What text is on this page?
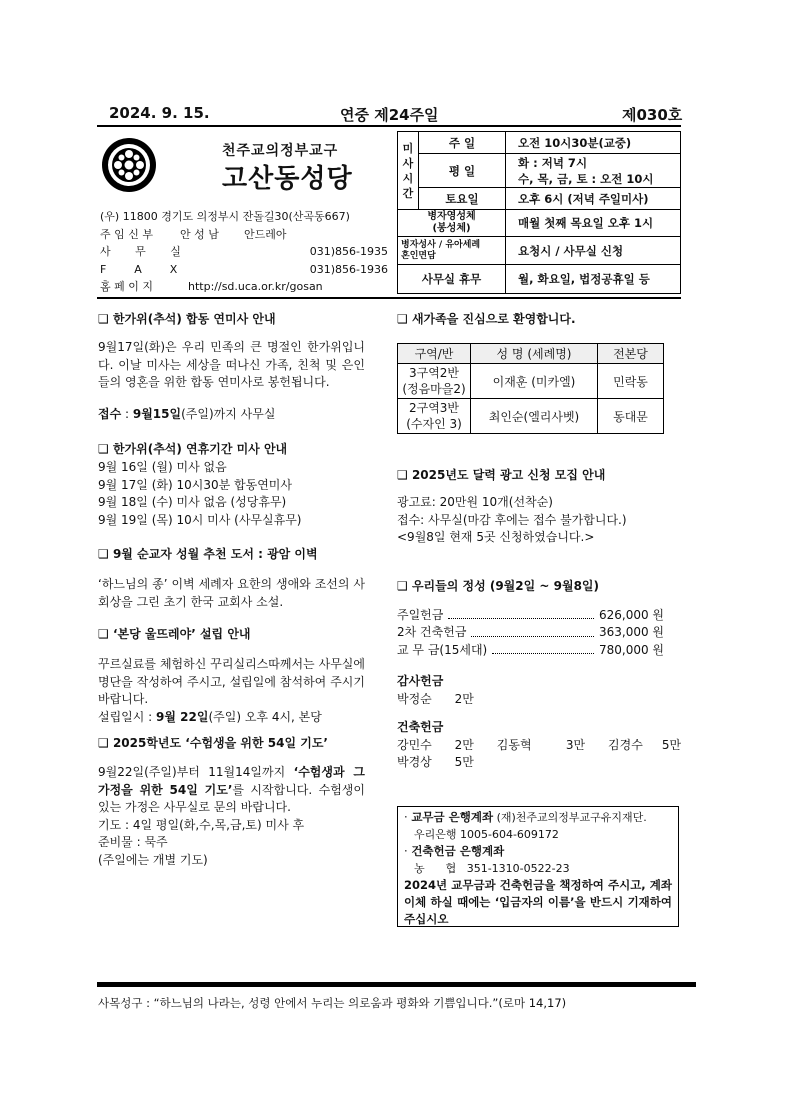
2024. 9. 15.	연중 제24주일	제030호
천주교의정부교구
고산동성당
(우) 11800 경기도 의정부시 잔돌길30(산곡동667)
주 임 신 부	안 성 남	안드레아
사       무       실	031)856-1935
F        A        X	031)856-1936
홈 페 이 지	http://sd.uca.or.kr/gosan
미
사
시
간	주 일	오전 10시30분(교중)
	평 일	화 : 저녁 7시
수, 목, 금, 토 : 오전 10시

	토요일	오후 6시 (저녁 주일미사)

병자영성체
(봉성체)		매월 첫째 목요일 오후 1시

병자성사 / 유아세례
혼인면담		요청시 / 사무실 신청
사무실 휴무		월, 화요일, 법정공휴일 등
❑ 한가위(추석) 합동 연미사 안내
9월17일(화)은 우리 민족의 큰 명절인 한가위입니다. 이날 미사는 세상을 떠나신 가족, 친척 및 은인들의 영혼을 위한 합동 연미사로 봉헌됩니다.
접수 : 9월15일(주일)까지 사무실
❑ 한가위(추석) 연휴기간 미사 안내
9월 16일 (월) 미사 없음
9월 17일 (화) 10시30분 합동연미사
9월 18일 (수) 미사 없음 (성당휴무)
9월 19일 (목) 10시 미사 (사무실휴무)
❑ 9월 순교자 성월 추천 도서 : 광암 이벽
‘하느님의 종’ 이벽 세례자 요한의 생애와 조선의 사회상을 그린 초기 한국 교회사 소설.
❑ ‘본당 울뜨레야’ 설립 안내
꾸르실료를 체험하신 꾸리실리스따께서는 사무실에 명단을 작성하여 주시고, 설립일에 참석하여 주시기 바랍니다.
설립일시 : 9월 22일(주일) 오후 4시, 본당
❑ 2025학년도 ‘수험생을 위한 54일 기도’
9월22일(주일)부터 11월14일까지 ‘수험생과 그 가정을 위한 54일 기도’를 시작합니다. 수험생이 있는 가정은 사무실로 문의 바랍니다.
기도 : 4일 평일(화,수,목,금,토) 미사 후
준비물 : 묵주
(주일에는 개별 기도)
❑ 새가족을 진심으로 환영합니다.
구역/반	성 명 (세례명)	전본당

3구역2반
(정음마을2)	이재훈 (미카엘)	민락동

2구역3반
(수자인 3)	최인순(엘리사벳)	동대문
❑ 2025년도 달력 광고 신청 모집 안내
광고료: 20만원 10개(선착순)
접수: 사무실(마감 후에는 접수 불가합니다.)
<9월8일 현재 5곳 신청하였습니다.>
❑ 우리들의 정성 (9월2일 ~ 9월8일)
주일헌금	626,000 원
2차 건축헌금	363,000 원
교 무 금(15세대)	780,000 원
감사헌금
박정순      2만
건축헌금
강민수      2만 김동혁         3만 김경수     5만
박경상      5만
· 교무금 은행계좌 (재)천주교의정부교구유지재단.
우리은행 1005-604-609172
· 건축헌금 은행계좌
농      협   351-1310-0522-23
2024년 교무금과 건축헌금을 책정하여 주시고, 계좌이체 하실 때에는 ‘입금자의 이름’을 반드시 기재하여 주십시오
사목성구 : “하느님의 나라는, 성령 안에서 누리는 의로움과 평화와 기쁨입니다.”(로마 14,17)
